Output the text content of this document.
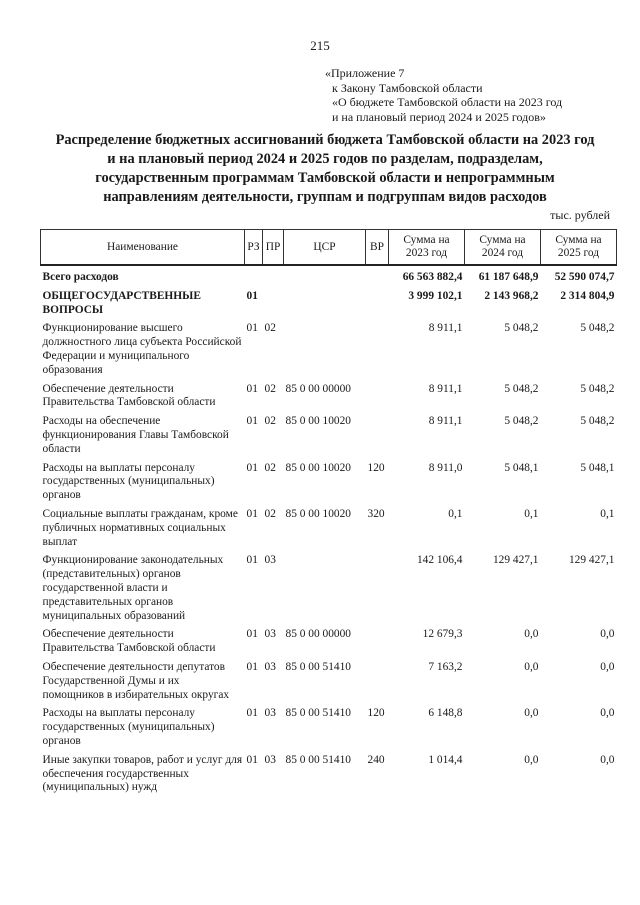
215
«Приложение 7
к Закону Тамбовской области
«О бюджете Тамбовской области на 2023 год
и на плановый период 2024 и 2025 годов»
Распределение бюджетных ассигнований бюджета Тамбовской области на 2023 год и на плановый период 2024 и 2025 годов по разделам, подразделам, государственным программам Тамбовской области и непрограммным направлениям деятельности, группам и подгруппам видов расходов
тыс. рублей
Наименование	РЗ	ПР	ЦСР	ВР	Сумма на 2023 год	Сумма на 2024 год	Сумма на 2025 год
Всего расходов					66 563 882,4	61 187 648,9	52 590 074,7
ОБЩЕГОСУДАРСТВЕННЫЕ ВОПРОСЫ	01				3 999 102,1	2 143 968,2	2 314 804,9
Функционирование высшего должностного лица субъекта Российской Федерации и муниципального образования	01	02			8 911,1	5 048,2	5 048,2
Обеспечение деятельности Правительства Тамбовской области	01	02	85 0 00 00000		8 911,1	5 048,2	5 048,2
Расходы на обеспечение функционирования Главы Тамбовской области	01	02	85 0 00 10020		8 911,1	5 048,2	5 048,2
Расходы на выплаты персоналу государственных (муниципальных) органов	01	02	85 0 00 10020	120	8 911,0	5 048,1	5 048,1
Социальные выплаты гражданам, кроме публичных нормативных социальных выплат	01	02	85 0 00 10020	320	0,1	0,1	0,1
Функционирование законодательных (представительных) органов государственной власти и представительных органов муниципальных образований	01	03			142 106,4	129 427,1	129 427,1
Обеспечение деятельности Правительства Тамбовской области	01	03	85 0 00 00000		12 679,3	0,0	0,0
Обеспечение деятельности депутатов Государственной Думы и их помощников в избирательных округах	01	03	85 0 00 51410		7 163,2	0,0	0,0
Расходы на выплаты персоналу государственных (муниципальных) органов	01	03	85 0 00 51410	120	6 148,8	0,0	0,0
Иные закупки товаров, работ и услуг для обеспечения государственных (муниципальных) нужд	01	03	85 0 00 51410	240	1 014,4	0,0	0,0
